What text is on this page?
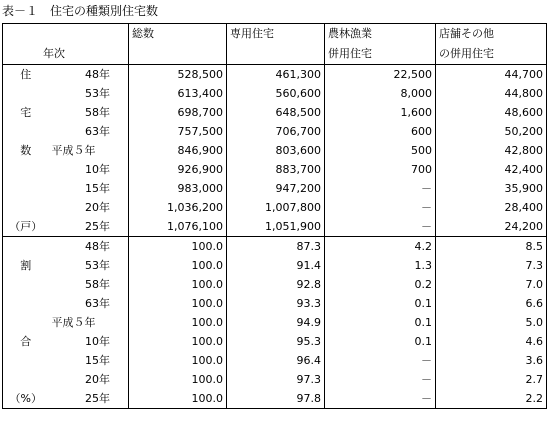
表－１　住宅の種類別住宅数
		総数	専用住宅	農林漁業	店舗その他
年次				併用住宅	の併用住宅
住	48年	528,500	461,300	22,500	44,700
	53年	613,400	560,600	8,000	44,800
宅	58年	698,700	648,500	1,600	48,600
	63年	757,500	706,700	600	50,200
数	平成５年	846,900	803,600	500	42,800
	10年	926,900	883,700	700	42,400
	15年	983,000	947,200	－	35,900
	20年	1,036,200	1,007,800	－	28,400
（戸）	25年	1,076,100	1,051,900	－	24,200
	48年	100.0	87.3	4.2	8.5
割	53年	100.0	91.4	1.3	7.3
	58年	100.0	92.8	0.2	7.0
	63年	100.0	93.3	0.1	6.6
	平成５年	100.0	94.9	0.1	5.0
合	10年	100.0	95.3	0.1	4.6
	15年	100.0	96.4	－	3.6
	20年	100.0	97.3	－	2.7
（%）	25年	100.0	97.8	－	2.2
